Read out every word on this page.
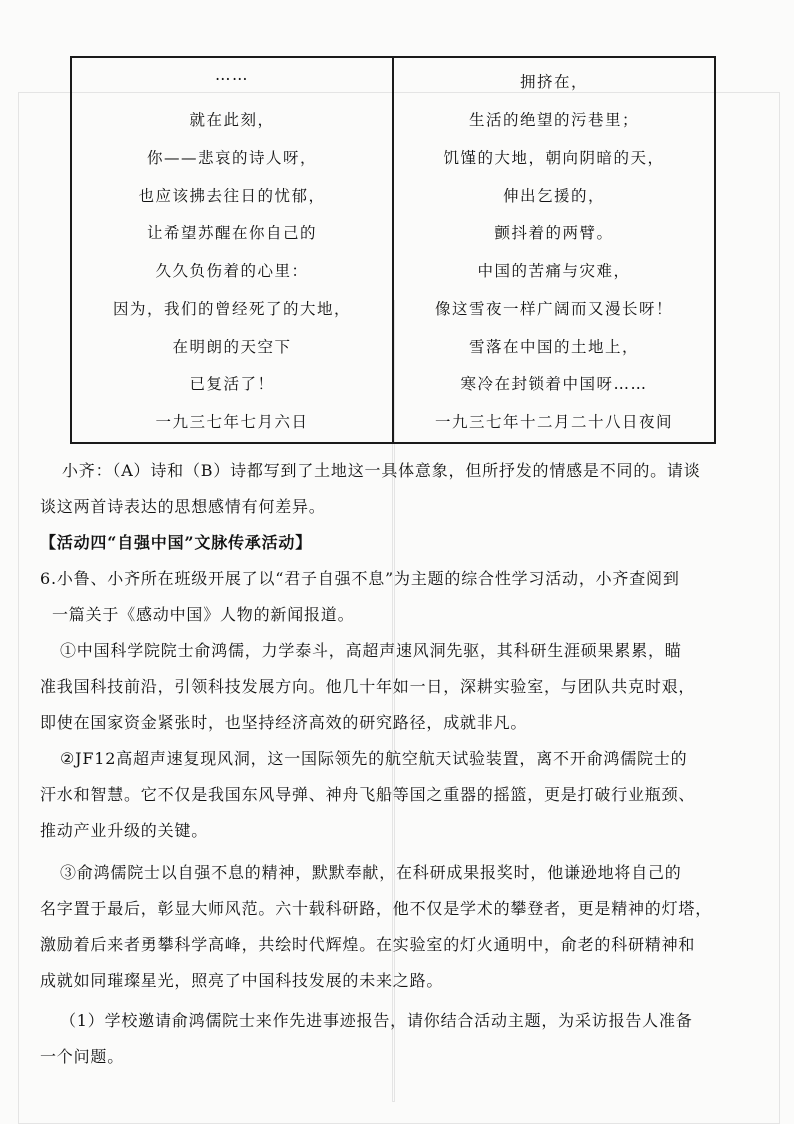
……
就在此刻，
你——悲哀的诗人呀，
也应该拂去往日的忧郁，
让希望苏醒在你自己的
久久负伤着的心里：
因为，我们的曾经死了的大地，
在明朗的天空下
已复活了！
一九三七年七月六日
拥挤在，
生活的绝望的污巷里；
饥馑的大地，朝向阴暗的天，
伸出乞援的，
颤抖着的两臂。
中国的苦痛与灾难，
像这雪夜一样广阔而又漫长呀！
雪落在中国的土地上，
寒冷在封锁着中国呀……
一九三七年十二月二十八日夜间
小齐：（A）诗和（B）诗都写到了土地这一具体意象，但所抒发的情感是不同的。请谈
谈这两首诗表达的思想感情有何差异。
【活动四“自强中国”文脉传承活动】
6.小鲁、小齐所在班级开展了以“君子自强不息”为主题的综合性学习活动，小齐查阅到
一篇关于《感动中国》人物的新闻报道。
①中国科学院院士俞鸿儒，力学泰斗，高超声速风洞先驱，其科研生涯硕果累累，瞄
准我国科技前沿，引领科技发展方向。他几十年如一日，深耕实验室，与团队共克时艰，
即使在国家资金紧张时，也坚持经济高效的研究路径，成就非凡。
②JF12高超声速复现风洞，这一国际领先的航空航天试验装置，离不开俞鸿儒院士的
汗水和智慧。它不仅是我国东风导弹、神舟飞船等国之重器的摇篮，更是打破行业瓶颈、
推动产业升级的关键。
③俞鸿儒院士以自强不息的精神，默默奉献，在科研成果报奖时，他谦逊地将自己的
名字置于最后，彰显大师风范。六十载科研路，他不仅是学术的攀登者，更是精神的灯塔，
激励着后来者勇攀科学高峰，共绘时代辉煌。在实验室的灯火通明中，俞老的科研精神和
成就如同璀璨星光，照亮了中国科技发展的未来之路。
（1）学校邀请俞鸿儒院士来作先进事迹报告，请你结合活动主题，为采访报告人准备
一个问题。
